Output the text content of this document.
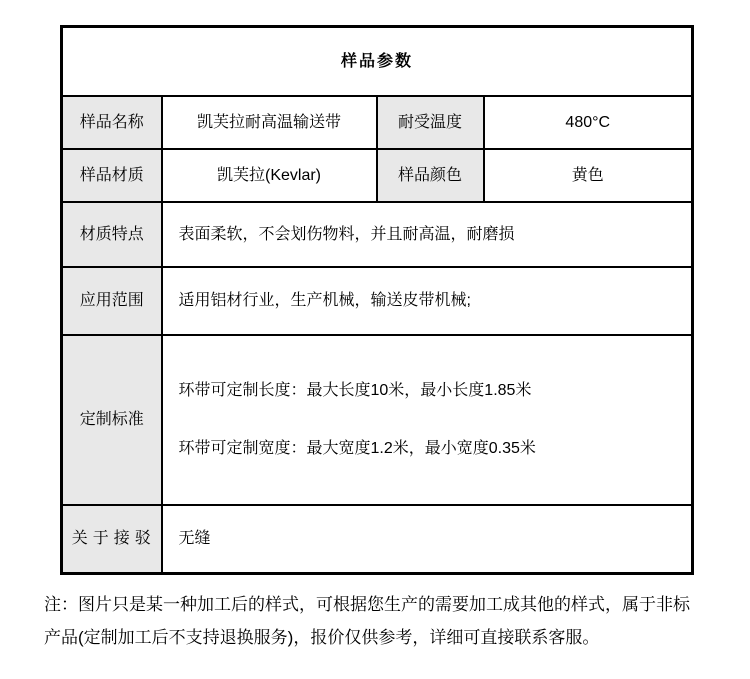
样品参数			
样品名称	凯芙拉耐高温输送带	耐受温度	480°C
样品材质	凯芙拉(Kevlar)	样品颜色	黄色
材质特点	表面柔软，不会划伤物料，并且耐高温，耐磨损		
应用范围	适用铝材行业，生产机械，输送皮带机械;		
定制标准	环带可定制长度：最大长度10米，最小长度1.85米
环带可定制宽度：最大宽度1.2米，最小宽度0.35米		

关于接驳	无缝		

注：图片只是某一种加工后的样式，可根据您生产的需要加工成其他的样式，属于非标产品(定制加工后不支持退换服务)，报价仅供参考，详细可直接联系客服。
